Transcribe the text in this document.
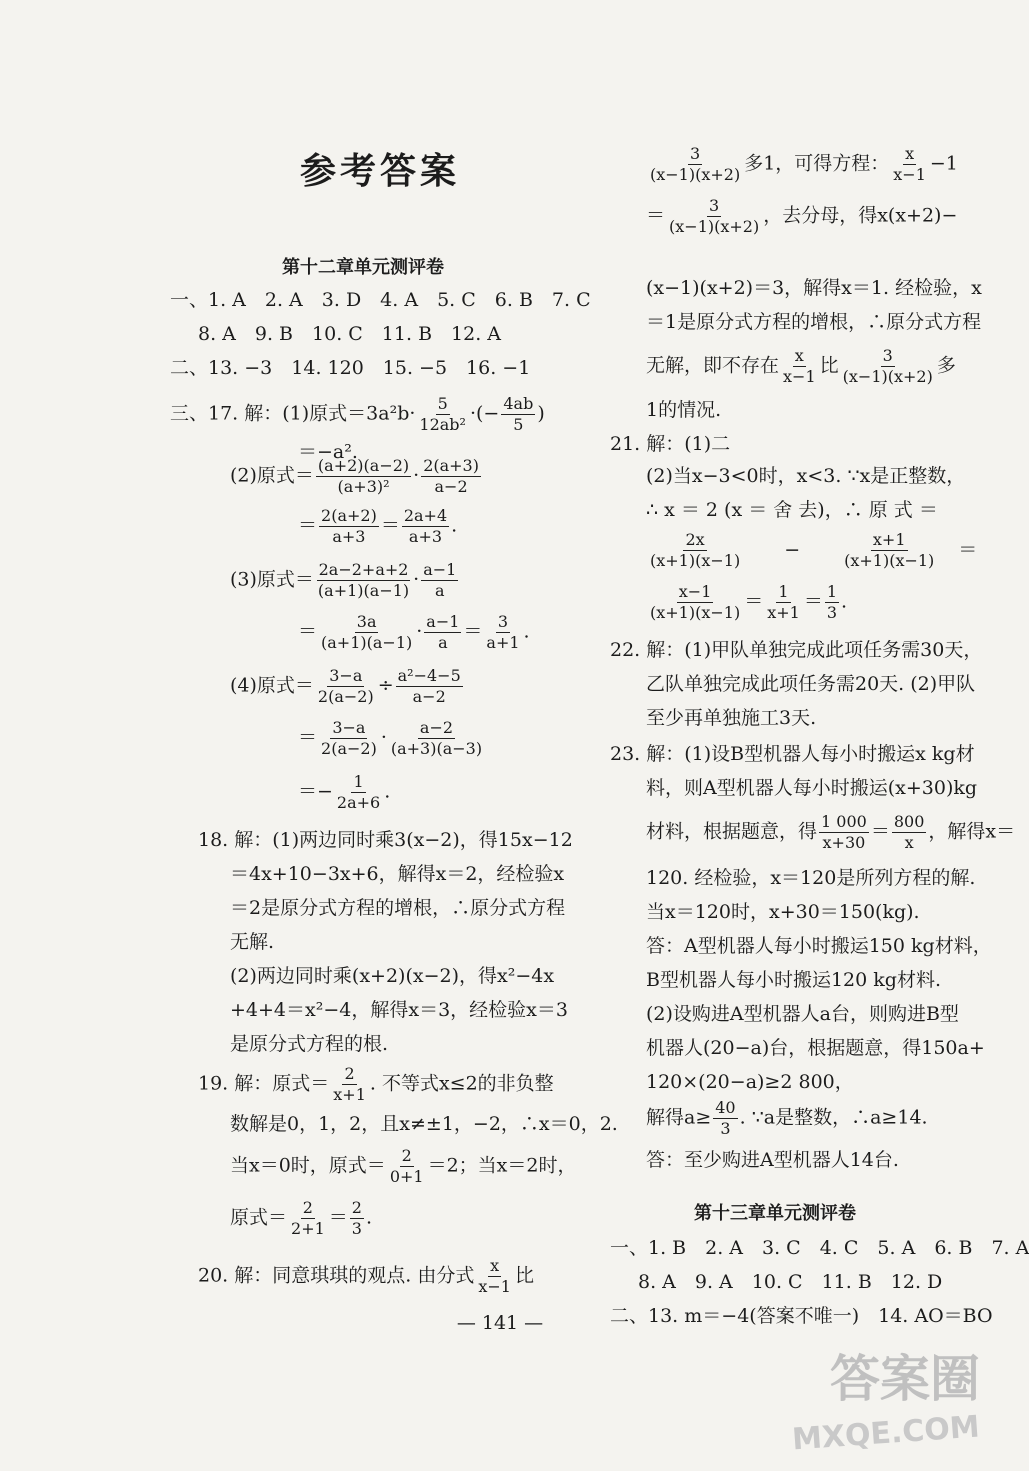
参考答案
第十二章单元测评卷
一、1. A　2. A　3. D　4. A　5. C　6. B　7. C
8. A　9. B　10. C　11. B　12. A
二、13. −3　14. 120　15. −5　16. −1
三、17. 解：(1)原式$=3a^2b\cdot \frac{5}{\text{12ab²}}$ ·(− $\frac{4ab}{5}$ )
＝−a².
(2)原式＝ $\frac{(a+2)(a-2)}{\text{(a+3)²}} \cdot \frac{2(a+3)}{a-2}$
＝ $\frac{2(a+2)}{a+3} = \frac{2a+4}{a+3}$ .
(3)原式＝ $\frac{2a-2+a+2}{(a+1)(a-1)} \cdot \frac{a-1}{a}$
＝ $\frac{3a}{(a+1)(a-1)} \cdot \frac{a-1}{a} = \frac{3}{a+1}$ .
(4)原式＝ $\frac{3-a}{2(a-2)} \div \frac{\text{a²−4−5}}{a-2}$
＝ $\frac{3-a}{2(a-2)} \cdot \frac{a-2}{(a+3)(a-3)}$
＝− $\frac{1}{2a+6}$ .
18. 解：(1)两边同时乘3(x−2)，得15x−12
＝4x+10−3x+6，解得x＝2，经检验x
＝2是原分式方程的增根，∴原分式方程
无解.
(2)两边同时乘(x+2)(x−2)，得x²−4x
+4+4＝x²−4，解得x＝3，经检验x＝3
是原分式方程的根.
19. 解：原式＝ $\frac{2}{x+1}$ . 不等式x≤2的非负整
数解是0，1，2，且x≠±1，−2，∴x＝0，2.
当x＝0时，原式＝ $\frac{2}{0+1} =2$；当x＝2时，
原式＝ $\frac{2}{2+1} = \frac{2}{3}$ .
20. 解：同意琪琪的观点. 由分式 $\frac{x}{x-1}$ 比
$\frac{3}{(x-1)(x+2)}$ 多1，可得方程： $\frac{x}{x-1} -1$
＝ $\frac{3}{(x-1)(x+2)}$ ，去分母，得x(x+2)−
(x−1)(x+2)＝3，解得x＝1. 经检验，x
＝1是原分式方程的增根，∴原分式方程
无解，即不存在 $\frac{x}{x-1}$ 比 $\frac{3}{(x-1)(x+2)}$ 多
1的情况.
21. 解：(1)二
(2)当x−3<0时，x<3. ∵x是正整数，
∴ x ＝ 2 (x ＝ 舍 去)，∴ 原 式 ＝
$\frac{2x}{(x+1)(x-1)}$ −	$\frac{x+1}{(x+1)(x-1)}$ ＝
$\frac{x-1}{(x+1)(x-1)} = \frac{1}{x+1} = \frac{1}{3}$ .
22. 解：(1)甲队单独完成此项任务需30天，
乙队单独完成此项任务需20天. (2)甲队
至少再单独施工3天.
23. 解：(1)设B型机器人每小时搬运x kg材
料，则A型机器人每小时搬运(x+30)kg
材料，根据题意，得 $\frac{1 000}{x+30} = \frac{800}{x}$ ，解得x＝
120. 经检验，x＝120是所列方程的解.
当x＝120时，x+30＝150(kg).
答：A型机器人每小时搬运150 kg材料，
B型机器人每小时搬运120 kg材料.
(2)设购进A型机器人a台，则购进B型
机器人(20−a)台，根据题意，得150a+
120×(20−a)≥2 800，
解得$a\ge \frac{40}{3}$ . ∵a是整数，∴a≥14.
答：至少购进A型机器人14台.
第十三章单元测评卷
一、1. B　2. A　3. C　4. C　5. A　6. B　7. A
8. A　9. A　10. C　11. B　12. D
二、13. m＝−4(答案不唯一)　14. AO＝BO
— 141 —
答案圈
MXQE.COM
